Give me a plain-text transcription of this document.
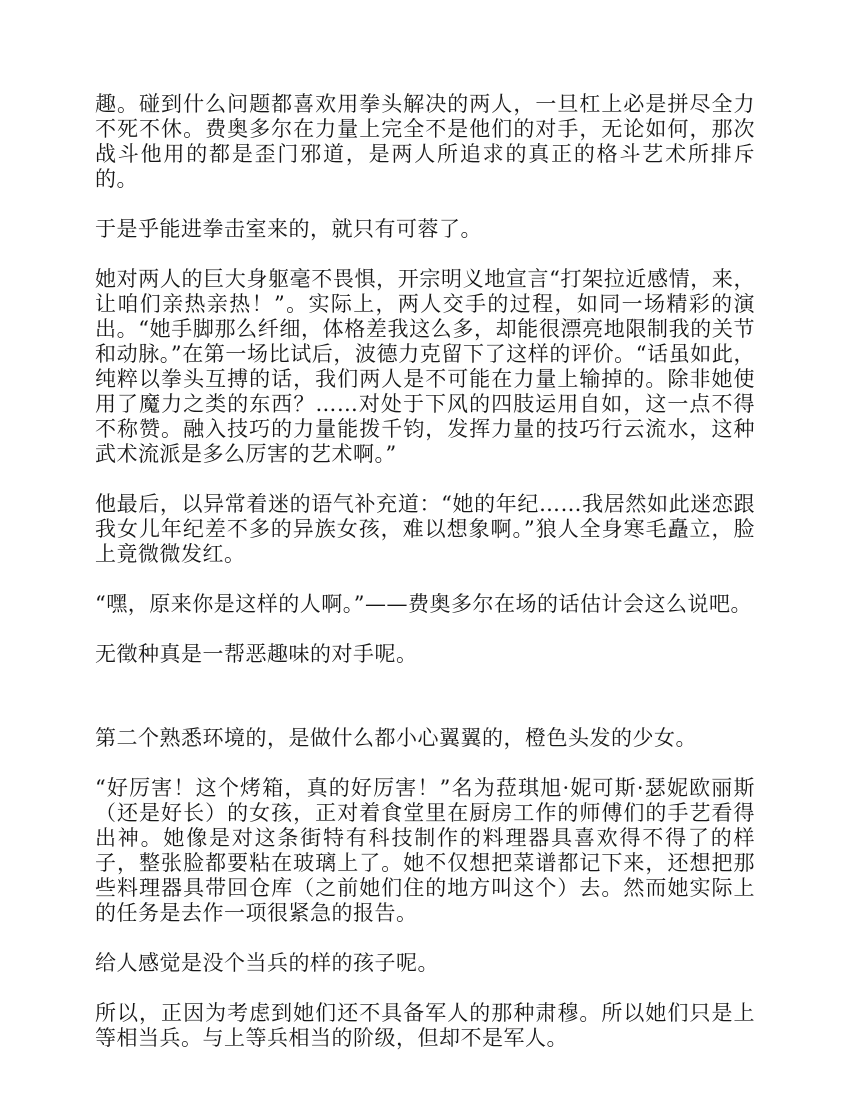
趣。碰到什么问题都喜欢用拳头解决的两人，一旦杠上必是拼尽全力不死不休。费奥多尔在力量上完全不是他们的对手，无论如何，那次战斗他用的都是歪门邪道，是两人所追求的真正的格斗艺术所排斥的。

于是乎能进拳击室来的，就只有可蓉了。

她对两人的巨大身躯毫不畏惧，开宗明义地宣言“打架拉近感情，来，让咱们亲热亲热！”。实际上，两人交手的过程，如同一场精彩的演出。“她手脚那么纤细，体格差我这么多，却能很漂亮地限制我的关节和动脉。”在第一场比试后，波德力克留下了这样的评价。“话虽如此，纯粹以拳头互搏的话，我们两人是不可能在力量上输掉的。除非她使用了魔力之类的东西？……对处于下风的四肢运用自如，这一点不得不称赞。融入技巧的力量能拨千钧，发挥力量的技巧行云流水，这种武术流派是多么厉害的艺术啊。”

他最后，以异常着迷的语气补充道：“她的年纪……我居然如此迷恋跟我女儿年纪差不多的异族女孩，难以想象啊。”狼人全身寒毛矗立，脸上竟微微发红。

“嘿，原来你是这样的人啊。”——费奥多尔在场的话估计会这么说吧。

无徵种真是一帮恶趣味的对手呢。

第二个熟悉环境的，是做什么都小心翼翼的，橙色头发的少女。

“好厉害！这个烤箱，真的好厉害！”名为菈琪旭·妮可斯·瑟妮欧丽斯（还是好长）的女孩，正对着食堂里在厨房工作的师傅们的手艺看得出神。她像是对这条街特有科技制作的料理器具喜欢得不得了的样子，整张脸都要粘在玻璃上了。她不仅想把菜谱都记下来，还想把那些料理器具带回仓库（之前她们住的地方叫这个）去。然而她实际上的任务是去作一项很紧急的报告。

给人感觉是没个当兵的样的孩子呢。

所以，正因为考虑到她们还不具备军人的那种肃穆。所以她们只是上等相当兵。与上等兵相当的阶级，但却不是军人。
